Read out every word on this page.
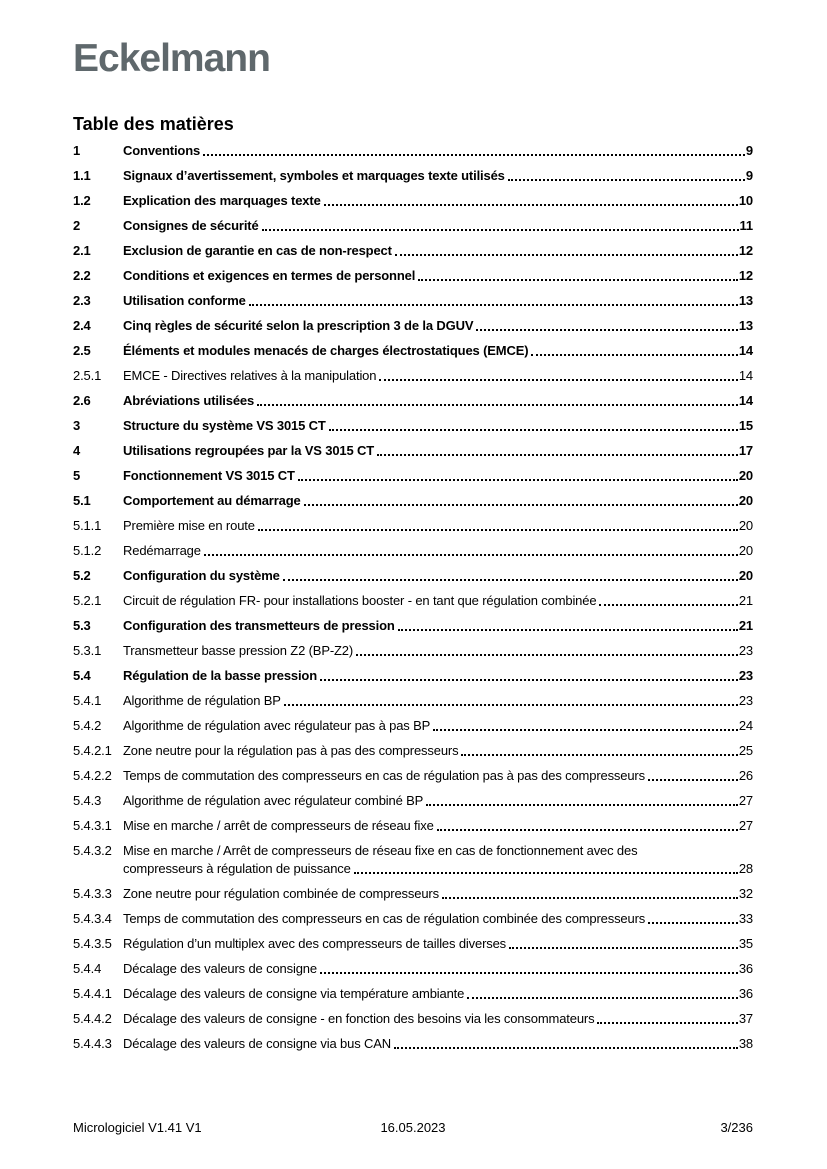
Eckelmann
Table des matières
1	Conventions	9
1.1	Signaux d’avertissement, symboles et marquages texte utilisés	9
1.2	Explication des marquages texte	10
2	Consignes de sécurité	11
2.1	Exclusion de garantie en cas de non-respect	12
2.2	Conditions et exigences en termes de personnel	12
2.3	Utilisation conforme	13
2.4	Cinq règles de sécurité selon la prescription 3 de la DGUV	13
2.5	Éléments et modules menacés de charges électrostatiques (EMCE)	14
2.5.1	EMCE - Directives relatives à la manipulation	14
2.6	Abréviations utilisées	14
3	Structure du système VS 3015 CT	15
4	Utilisations regroupées par la VS 3015 CT	17
5	Fonctionnement VS 3015 CT	20
5.1	Comportement au démarrage	20
5.1.1	Première mise en route	20
5.1.2	Redémarrage	20
5.2	Configuration du système	20
5.2.1	Circuit de régulation FR- pour installations booster - en tant que régulation combinée	21
5.3	Configuration des transmetteurs de pression	21
5.3.1	Transmetteur basse pression Z2 (BP-Z2)	23
5.4	Régulation de la basse pression	23
5.4.1	Algorithme de régulation BP	23
5.4.2	Algorithme de régulation avec régulateur pas à pas BP	24
5.4.2.1 Zone neutre pour la régulation pas à pas des compresseurs	25
5.4.2.2 Temps de commutation des compresseurs en cas de régulation pas à pas des compresseurs	26
5.4.3	Algorithme de régulation avec régulateur combiné BP	27
5.4.3.1 Mise en marche / arrêt de compresseurs de réseau fixe	27
5.4.3.2 Mise en marche / Arrêt de compresseurs de réseau fixe en cas de fonctionnement avec des
compresseurs à régulation de puissance	28
5.4.3.3 Zone neutre pour régulation combinée de compresseurs	32
5.4.3.4 Temps de commutation des compresseurs en cas de régulation combinée des compresseurs	33
5.4.3.5 Régulation d’un multiplex avec des compresseurs de tailles diverses	35
5.4.4	Décalage des valeurs de consigne	36
5.4.4.1 Décalage des valeurs de consigne via température ambiante	36
5.4.4.2 Décalage des valeurs de consigne - en fonction des besoins via les consommateurs	37
5.4.4.3 Décalage des valeurs de consigne via bus CAN	38
Micrologiciel V1.41 V1	16.05.2023	3/236
